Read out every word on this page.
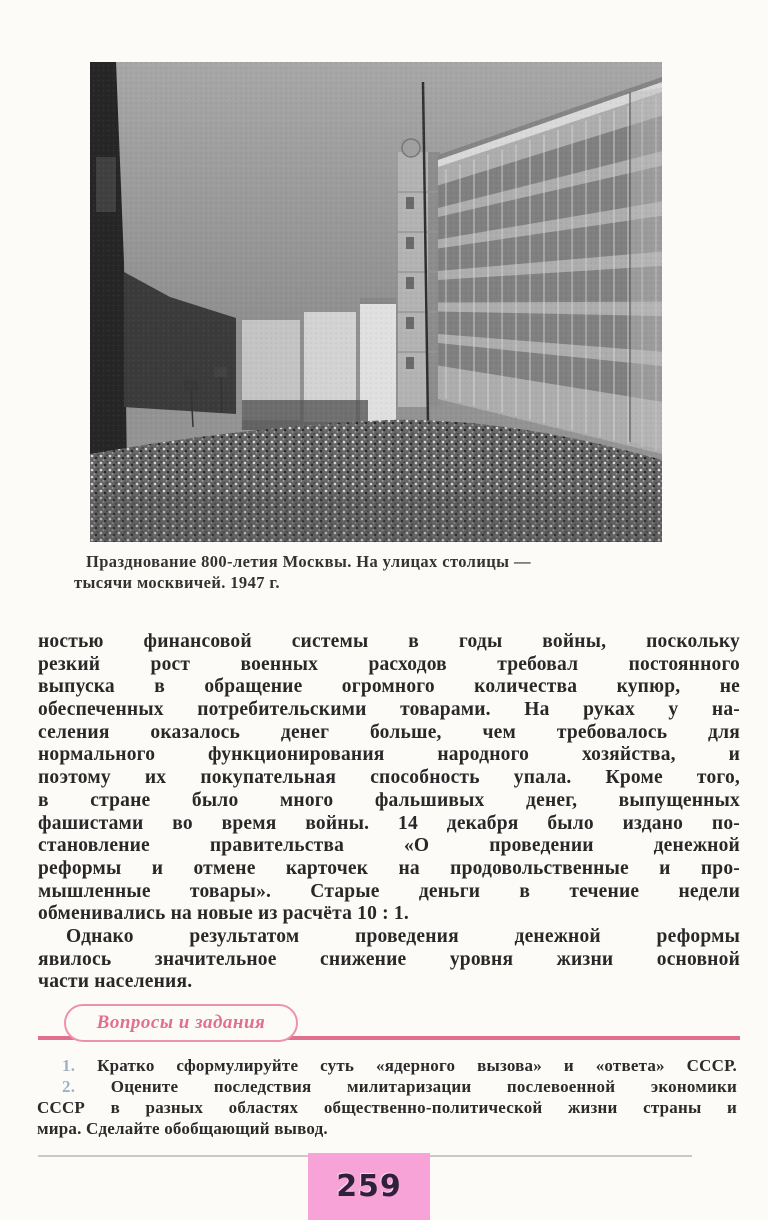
Празднование 800-летия Москвы. На улицах столицы —
тысячи москвичей. 1947 г.
ностью финансовой системы в годы войны, поскольку
резкий рост военных расходов требовал постоянного
выпуска в обращение огромного количества купюр, не
обеспеченных потребительскими товарами. На руках у на-
селения оказалось денег больше, чем требовалось для
нормального функционирования народного хозяйства, и
поэтому их покупательная способность упала. Кроме того,
в стране было много фальшивых денег, выпущенных
фашистами во время войны. 14 декабря было издано по-
становление правительства «О проведении денежной
реформы и отмене карточек на продовольственные и про-
мышленные товары». Старые деньги в течение недели
обменивались на новые из расчёта 10 : 1.
Однако результатом проведения денежной реформы
явилось значительное снижение уровня жизни основной
части населения.
Вопросы и задания
1. Кратко сформулируйте суть «ядерного вызова» и «ответа» СССР.
2. Оцените последствия милитаризации послевоенной экономики
СССР в разных областях общественно-политической жизни страны и
мира. Сделайте обобщающий вывод.
259
